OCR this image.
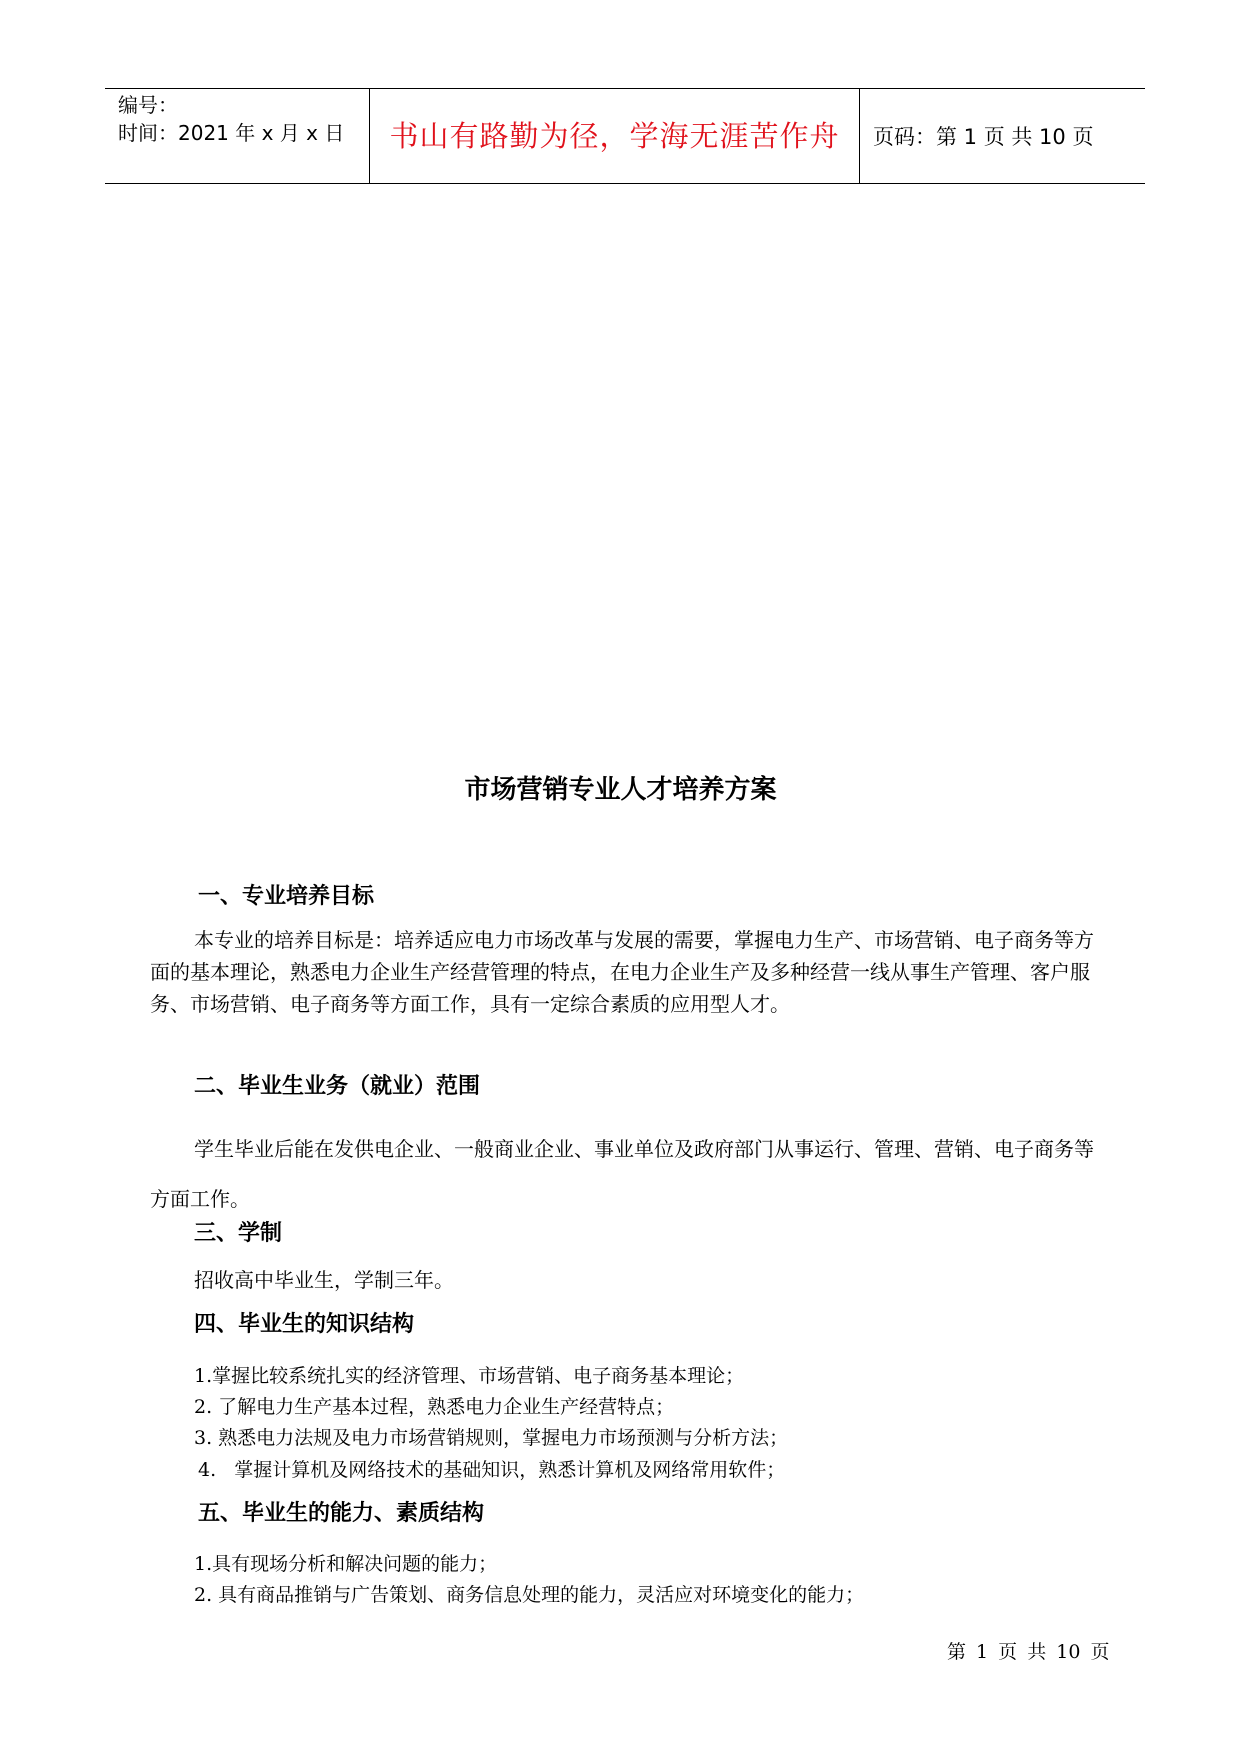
编号：
时间：2021 年 x 月 x 日	书山有路勤为径，学海无涯苦作舟	页码：第 1 页 共 10 页
市场营销专业人才培养方案
一、专业培养目标

本专业的培养目标是：培养适应电力市场改革与发展的需要，掌握电力生产、市场营销、电子商务等方面的基本理论，熟悉电力企业生产经营管理的特点，在电力企业生产及多种经营一线从事生产管理、客户服务、市场营销、电子商务等方面工作，具有一定综合素质的应用型人才。

二、毕业生业务（就业）范围

学生毕业后能在发供电企业、一般商业企业、事业单位及政府部门从事运行、管理、营销、电子商务等方面工作。

三、学制
招收高中毕业生，学制三年。
四、毕业生的知识结构
1.掌握比较系统扎实的经济管理、市场营销、电子商务基本理论；
2. 了解电力生产基本过程，熟悉电力企业生产经营特点；
3. 熟悉电力法规及电力市场营销规则，掌握电力市场预测与分析方法；
4.   掌握计算机及网络技术的基础知识，熟悉计算机及网络常用软件；
五、毕业生的能力、素质结构
1.具有现场分析和解决问题的能力；
2. 具有商品推销与广告策划、商务信息处理的能力，灵活应对环境变化的能力；
第 1 页 共 10 页
